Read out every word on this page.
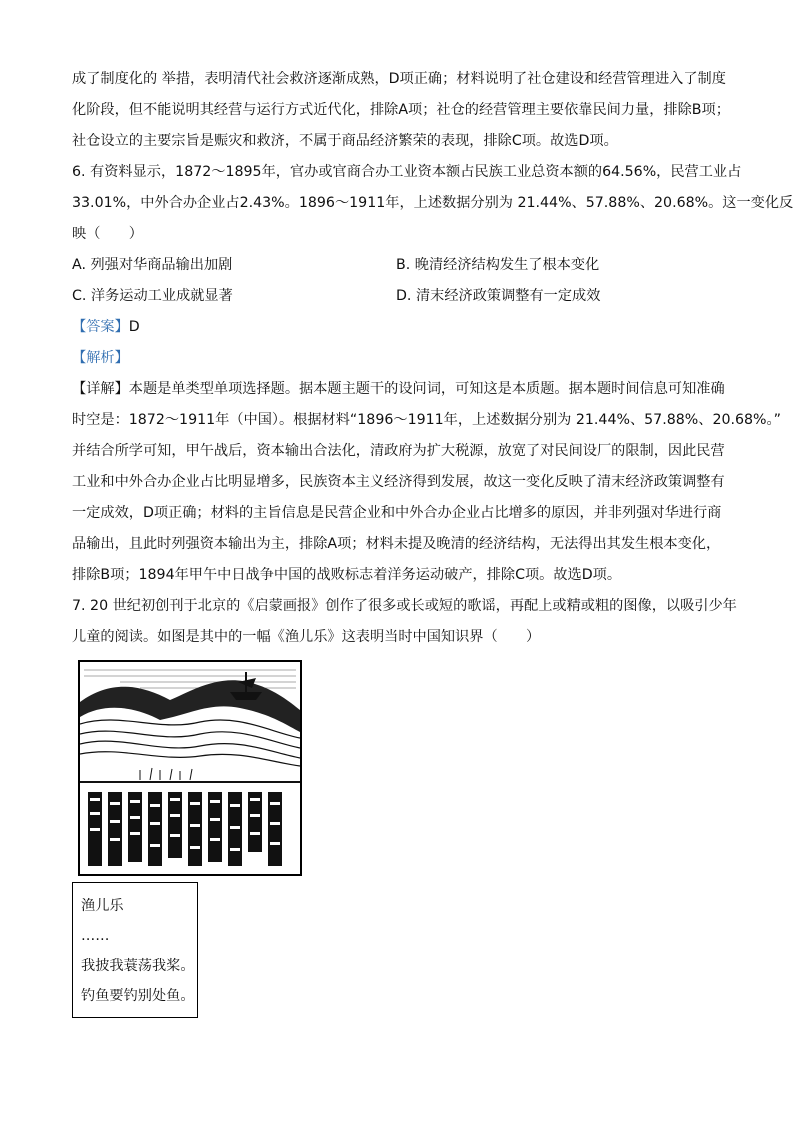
成了制度化的 举措，表明清代社会救济逐渐成熟，D项正确；材料说明了社仓建设和经营管理进入了制度

化阶段，但不能说明其经营与运行方式近代化，排除A项；社仓的经营管理主要依靠民间力量，排除B项；

社仓设立的主要宗旨是赈灾和救济，不属于商品经济繁荣的表现，排除C项。故选D项。

6. 有资料显示，1872～1895年，官办或官商合办工业资本额占民族工业总资本额的64.56%，民营工业占

33.01%，中外合办企业占2.43%。1896～1911年，上述数据分别为 21.44%、57.88%、20.68%。这一变化反

映（　　）

A. 列强对华商品输出加剧	B. 晚清经济结构发生了根本变化
C. 洋务运动工业成就显著	D. 清末经济政策调整有一定成效

【答案】D

【解析】

【详解】本题是单类型单项选择题。据本题主题干的设问词，可知这是本质题。据本题时间信息可知准确

时空是：1872～1911年（中国）。根据材料“1896～1911年，上述数据分别为 21.44%、57.88%、20.68%。”

并结合所学可知，甲午战后，资本输出合法化，清政府为扩大税源，放宽了对民间设厂的限制，因此民营

工业和中外合办企业占比明显增多，民族资本主义经济得到发展，故这一变化反映了清末经济政策调整有

一定成效，D项正确；材料的主旨信息是民营企业和中外合办企业占比增多的原因，并非列强对华进行商

品输出，且此时列强资本输出为主，排除A项；材料未提及晚清的经济结构，无法得出其发生根本变化，

排除B项；1894年甲午中日战争中国的战败标志着洋务运动破产，排除C项。故选D项。

7. 20 世纪初创刊于北京的《启蒙画报》创作了很多或长或短的歌谣，再配上或精或粗的图像，以吸引少年

儿童的阅读。如图是其中的一幅《渔儿乐》这表明当时中国知识界（　　）

渔儿乐
……
我披我蓑荡我桨。
钓鱼要钓别处鱼。
